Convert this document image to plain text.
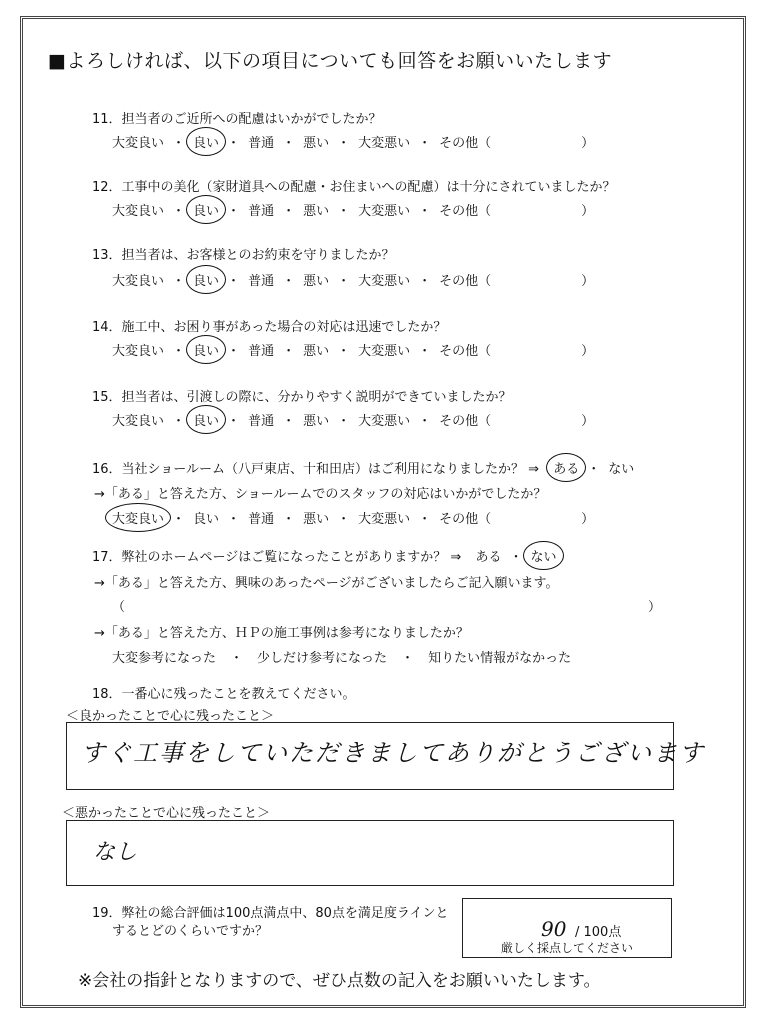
■よろしければ、以下の項目についても回答をお願いいたします
11．担当者のご近所への配慮はいかがでしたか？
大変良い ・ 良い ・ 普通 ・ 悪い ・ 大変悪い ・ その他（	）
12．工事中の美化（家財道具への配慮・お住まいへの配慮）は十分にされていましたか？
大変良い ・ 良い ・ 普通 ・ 悪い ・ 大変悪い ・ その他（	）
13．担当者は、お客様とのお約束を守りましたか？
大変良い ・ 良い ・ 普通 ・ 悪い ・ 大変悪い ・ その他（	）
14．施工中、お困り事があった場合の対応は迅速でしたか？
大変良い ・ 良い ・ 普通 ・ 悪い ・ 大変悪い ・ その他（	）
15．担当者は、引渡しの際に、分かりやすく説明ができていましたか？
大変良い ・ 良い ・ 普通 ・ 悪い ・ 大変悪い ・ その他（	）
16．当社ショールーム（八戸東店、十和田店）はご利用になりましたか？ ⇒ ある ・ ない
→「ある」と答えた方、ショールームでのスタッフの対応はいかがでしたか？
大変良い ・ 良い ・ 普通 ・ 悪い ・ 大変悪い ・ その他（	）
17．弊社のホームページはご覧になったことがありますか？ ⇒ ある ・ ない
→「ある」と答えた方、興味のあったページがございましたらご記入願います。
（	）
→「ある」と答えた方、ＨＰの施工事例は参考になりましたか？
大変参考になった ・ 少しだけ参考になった ・ 知りたい情報がなかった
18．一番心に残ったことを教えてください。
＜良かったことで心に残ったこと＞
すぐ工事をしていただきましてありがとうございます
＜悪かったことで心に残ったこと＞
なし
19．弊社の総合評価は100点満点中、80点を満足度ラインと
するとどのくらいですか？	90 / 100点
厳しく採点してください
※会社の指針となりますので、ぜひ点数の記入をお願いいたします。
